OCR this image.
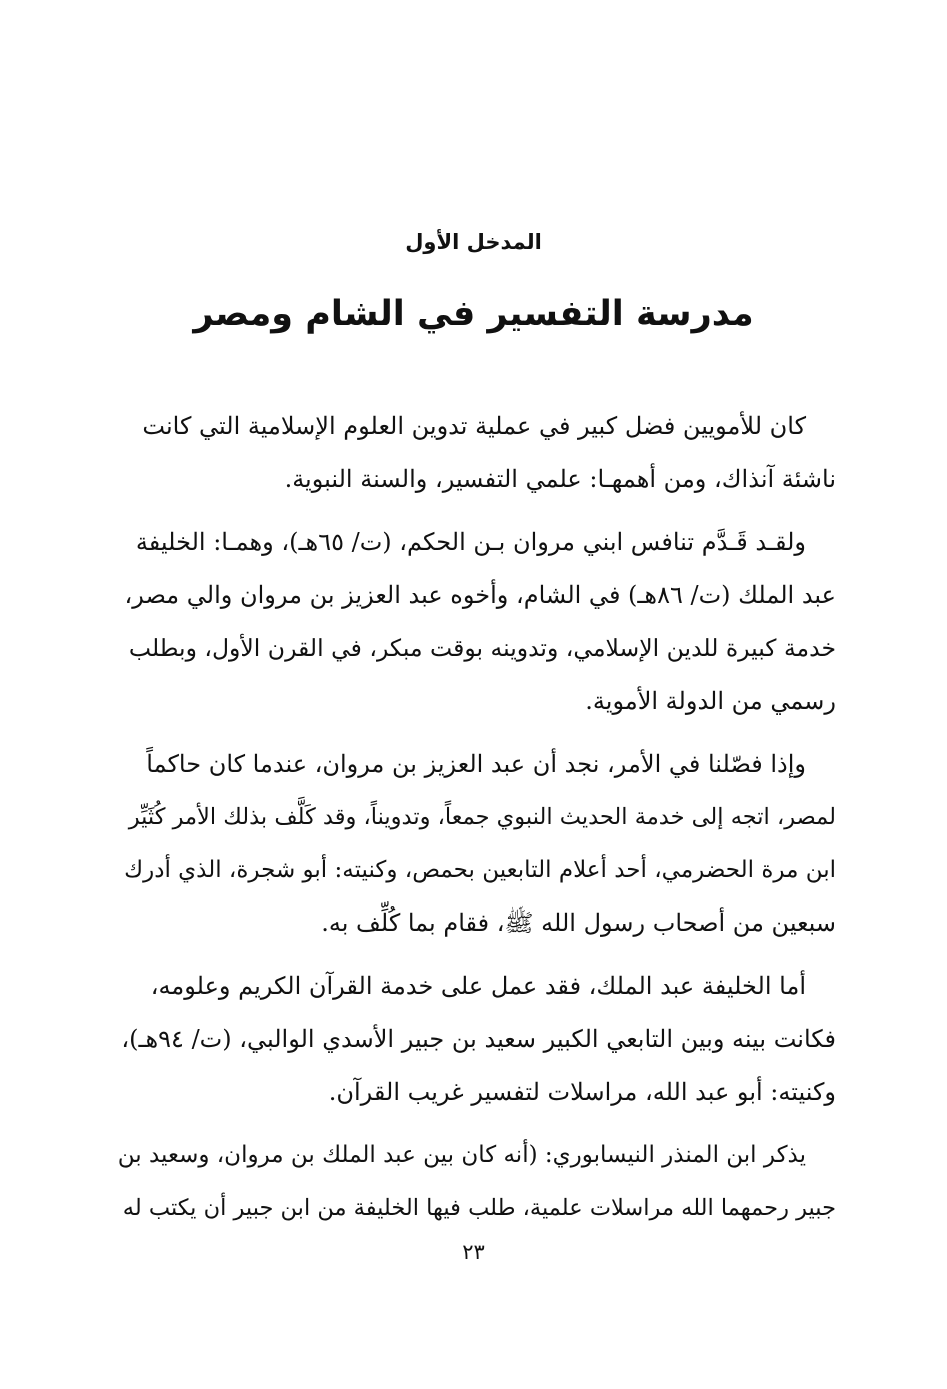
المدخل الأول
مدرسة التفسير في الشام ومصر
كان للأمويين فضل كبير في عملية تدوين العلوم الإسلامية التي كانت
ناشئة آنذاك، ومن أهمهـا: علمي التفسير، والسنة النبوية.
ولقـد قَـدَّم تنافس ابني مروان بـن الحكم، (ت/ ٦٥هـ)، وهمـا: الخليفة
عبد الملك (ت/ ٨٦هـ) في الشام، وأخوه عبد العزيز بن مروان والي مصر،
خدمة كبيرة للدين الإسلامي، وتدوينه بوقت مبكر، في القرن الأول، وبطلب
رسمي من الدولة الأموية.
وإذا فصّلنا في الأمر، نجد أن عبد العزيز بن مروان، عندما كان حاكماً
لمصر، اتجه إلى خدمة الحديث النبوي جمعاً، وتدويناً، وقد كَلَّف بذلك الأمر كُثَيِّر
ابن مرة الحضرمي، أحد أعلام التابعين بحمص، وكنيته: أبو شجرة، الذي أدرك
سبعين من أصحاب رسول الله ﷺ، فقام بما كُلِّف به.
أما الخليفة عبد الملك، فقد عمل على خدمة القرآن الكريم وعلومه،
فكانت بينه وبين التابعي الكبير سعيد بن جبير الأسدي الوالبي، (ت/ ٩٤هـ)،
وكنيته: أبو عبد الله، مراسلات لتفسير غريب القرآن.
يذكر ابن المنذر النيسابوري: (أنه كان بين عبد الملك بن مروان، وسعيد بن
جبير رحمهما الله مراسلات علمية، طلب فيها الخليفة من ابن جبير أن يكتب له
٢٣
